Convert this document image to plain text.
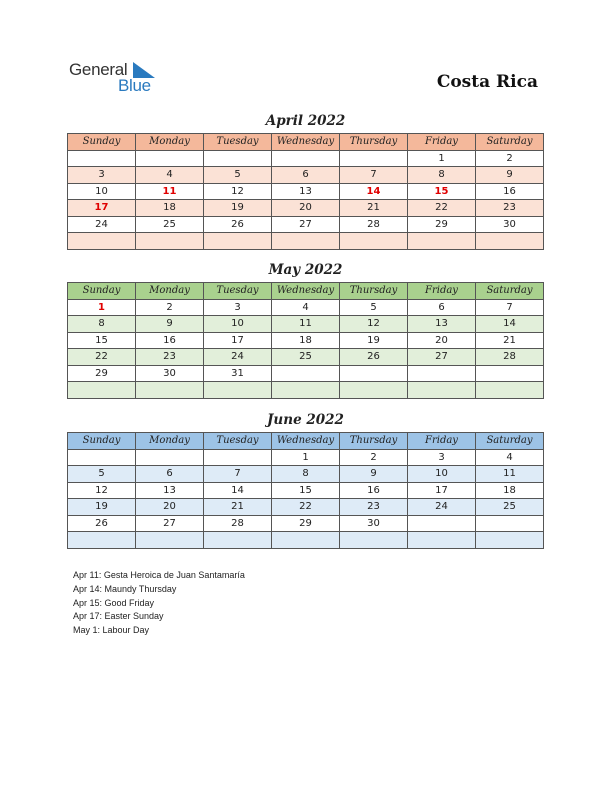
General
Blue	Costa Rica
April 2022
Sunday	Monday	Tuesday	Wednesday	Thursday	Friday	Saturday
					1	2
3	4	5	6	7	8	9
10	11	12	13	14	15	16
17	18	19	20	21	22	23
24	25	26	27	28	29	30

May 2022
Sunday	Monday	Tuesday	Wednesday	Thursday	Friday	Saturday
1	2	3	4	5	6	7
8	9	10	11	12	13	14
15	16	17	18	19	20	21
22	23	24	25	26	27	28
29	30	31				

June 2022
Sunday	Monday	Tuesday	Wednesday	Thursday	Friday	Saturday
			1	2	3	4
5	6	7	8	9	10	11
12	13	14	15	16	17	18
19	20	21	22	23	24	25
26	27	28	29	30		

Apr 11: Gesta Heroica de Juan Santamaría
Apr 14: Maundy Thursday
Apr 15: Good Friday
Apr 17: Easter Sunday
May 1: Labour Day
